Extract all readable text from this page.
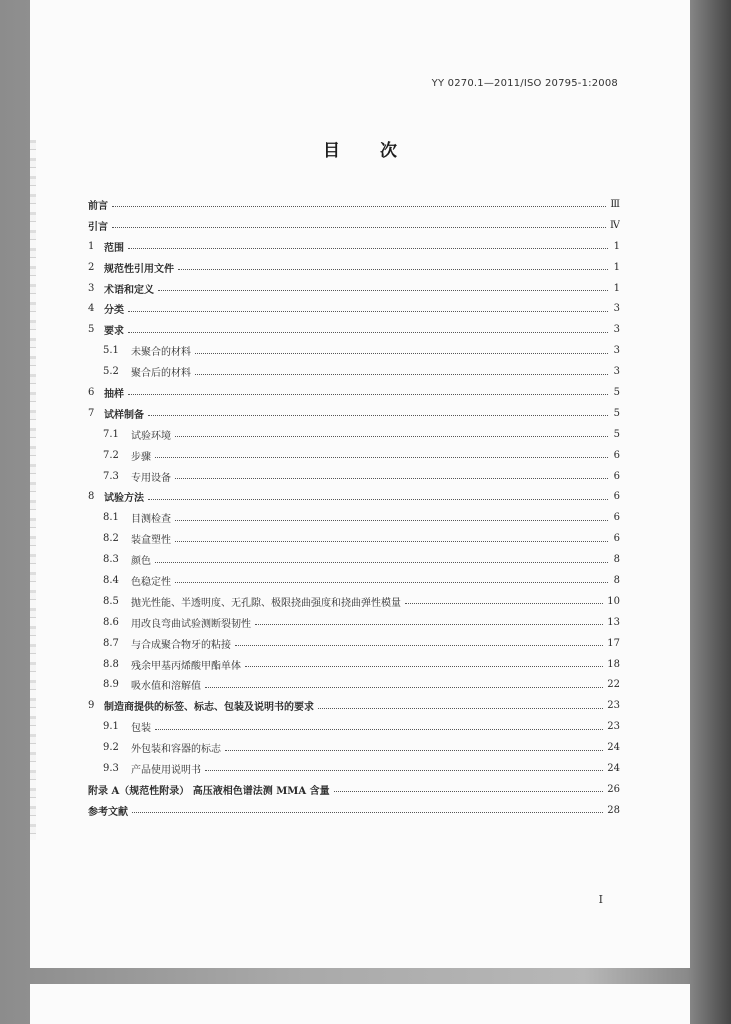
YY 0270.1—2011/ISO 20795-1:2008
目次
前言	Ⅲ
引言	Ⅳ
1 范围	1
2 规范性引用文件	1
3 术语和定义	1
4 分类	3
5 要求	3
5.1	未聚合的材料	3
5.2	聚合后的材料	3
6 抽样	5
7 试样制备	5
7.1	试验环境	5
7.2	步骤	6
7.3	专用设备	6
8 试验方法	6
8.1	目测检查	6
8.2	装盒塑性	6
8.3	颜色	8
8.4	色稳定性	8
8.5	抛光性能、半透明度、无孔隙、极限挠曲强度和挠曲弹性模量	10
8.6	用改良弯曲试验测断裂韧性	13
8.7	与合成聚合物牙的粘接	17
8.8	残余甲基丙烯酸甲酯单体	18
8.9	吸水值和溶解值	22
9 制造商提供的标签、标志、包装及说明书的要求	23
9.1	包装	23
9.2	外包装和容器的标志	24
9.3	产品使用说明书	24
附录 A（规范性附录） 高压液相色谱法测 MMA 含量	26
参考文献	28
I
